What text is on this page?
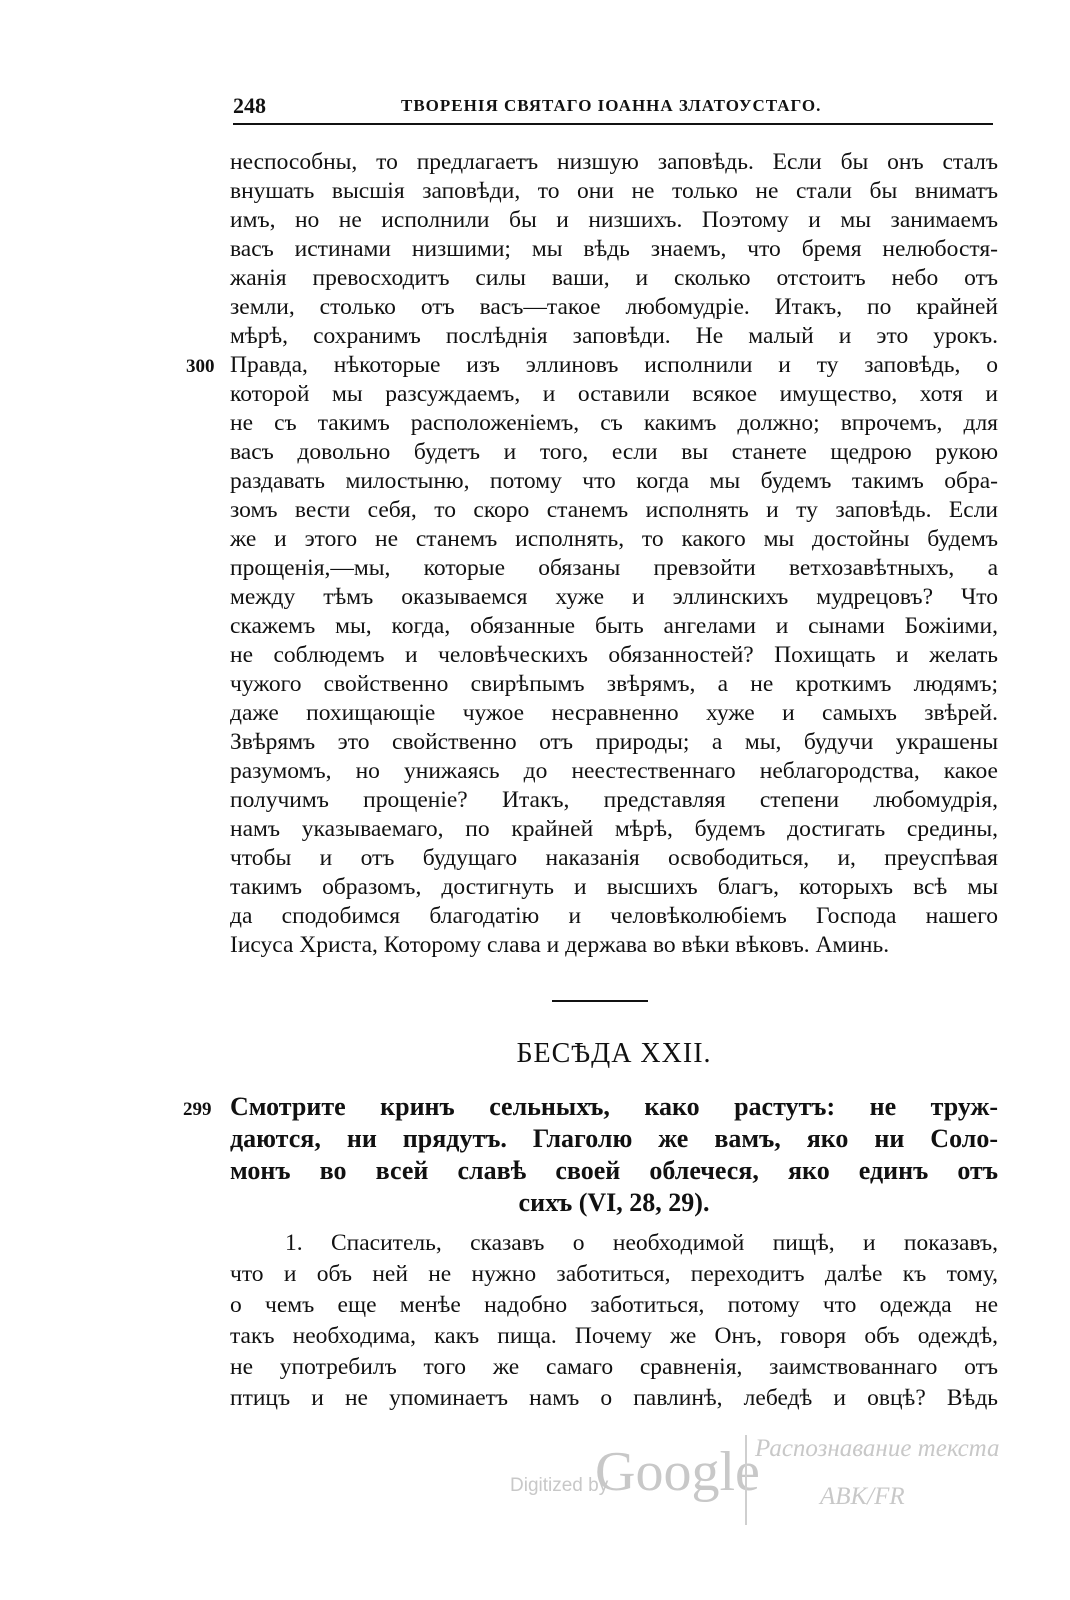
248	ТВОРЕНІЯ СВЯТАГО ІОАННА ЗЛАТОУСТАГО.
300
неспособны, то предлагаетъ низшую заповѣдь. Если бы онъ сталъ
внушать высшія заповѣди, то они не только не стали бы вниматъ
имъ, но не исполнили бы и низшихъ. Поэтому и мы занимаемъ
васъ истинами низшими; мы вѣдь знаемъ, что бремя нелюбостя-
жанія превосходитъ силы ваши, и сколько отстоитъ небо отъ
земли, столько отъ васъ—такое любомудріе. Итакъ, по крайней
мѣрѣ, сохранимъ послѣднія заповѣди. Не малый и это урокъ.
Правда, нѣкоторые изъ эллиновъ исполнили и ту заповѣдь, о
которой мы разсуждаемъ, и оставили всякое имущество, хотя и
не съ такимъ расположеніемъ, съ какимъ должно; впрочемъ, для
васъ довольно будетъ и того, если вы станете щедрою рукою
раздавать милостыню, потому что когда мы будемъ такимъ обра-
зомъ вести себя, то скоро станемъ исполнять и ту заповѣдь. Если
же и этого не станемъ исполнять, то какого мы достойны будемъ
прощенія,—мы, которые обязаны превзойти ветхозавѣтныхъ, а
между тѣмъ оказываемся хуже и эллинскихъ мудрецовъ? Что
скажемъ мы, когда, обязанные быть ангелами и сынами Божіими,
не соблюдемъ и человѣческихъ обязанностей? Похищать и желать
чужого свойственно свирѣпымъ звѣрямъ, а не кроткимъ людямъ;
даже похищающіе чужое несравненно хуже и самыхъ звѣрей.
Звѣрямъ это свойственно отъ природы; а мы, будучи украшены
разумомъ, но унижаясь до неестественнаго неблагородства, какое
получимъ прощеніе? Итакъ, представляя степени любомудрія,
намъ указываемаго, по крайней мѣрѣ, будемъ достигать средины,
чтобы и отъ будущаго наказанія освободиться, и, преуспѣвая
такимъ образомъ, достигнуть и высшихъ благъ, которыхъ всѣ мы
да сподобимся благодатію и человѣколюбіемъ Господа нашего
Іисуса Христа, Которому слава и держава во вѣки вѣковъ. Аминь.
БЕСѢДА XXII.
299 Смотрите кринъ сельныхъ, како растутъ: не труж-
даются, ни прядутъ. Глаголю же вамъ, яко ни Соло-
монъ во всей славѣ своей облечеся, яко единъ отъ
сихъ (VI, 28, 29).
1. Спаситель, сказавъ о необходимой пищѣ, и показавъ,
что и объ ней не нужно заботиться, переходитъ далѣе къ тому,
о чемъ еще менѣе надобно заботиться, потому что одежда не
такъ необходима, какъ пища. Почему же Онъ, говоря объ одеждѣ,
не употребилъ того же самаго сравненія, заимствованнаго отъ
птицъ и не упоминаетъ намъ о павлинѣ, лебедѣ и овцѣ? Вѣдь
Digitized by
Google
Распознавание текста
АВК/FR
